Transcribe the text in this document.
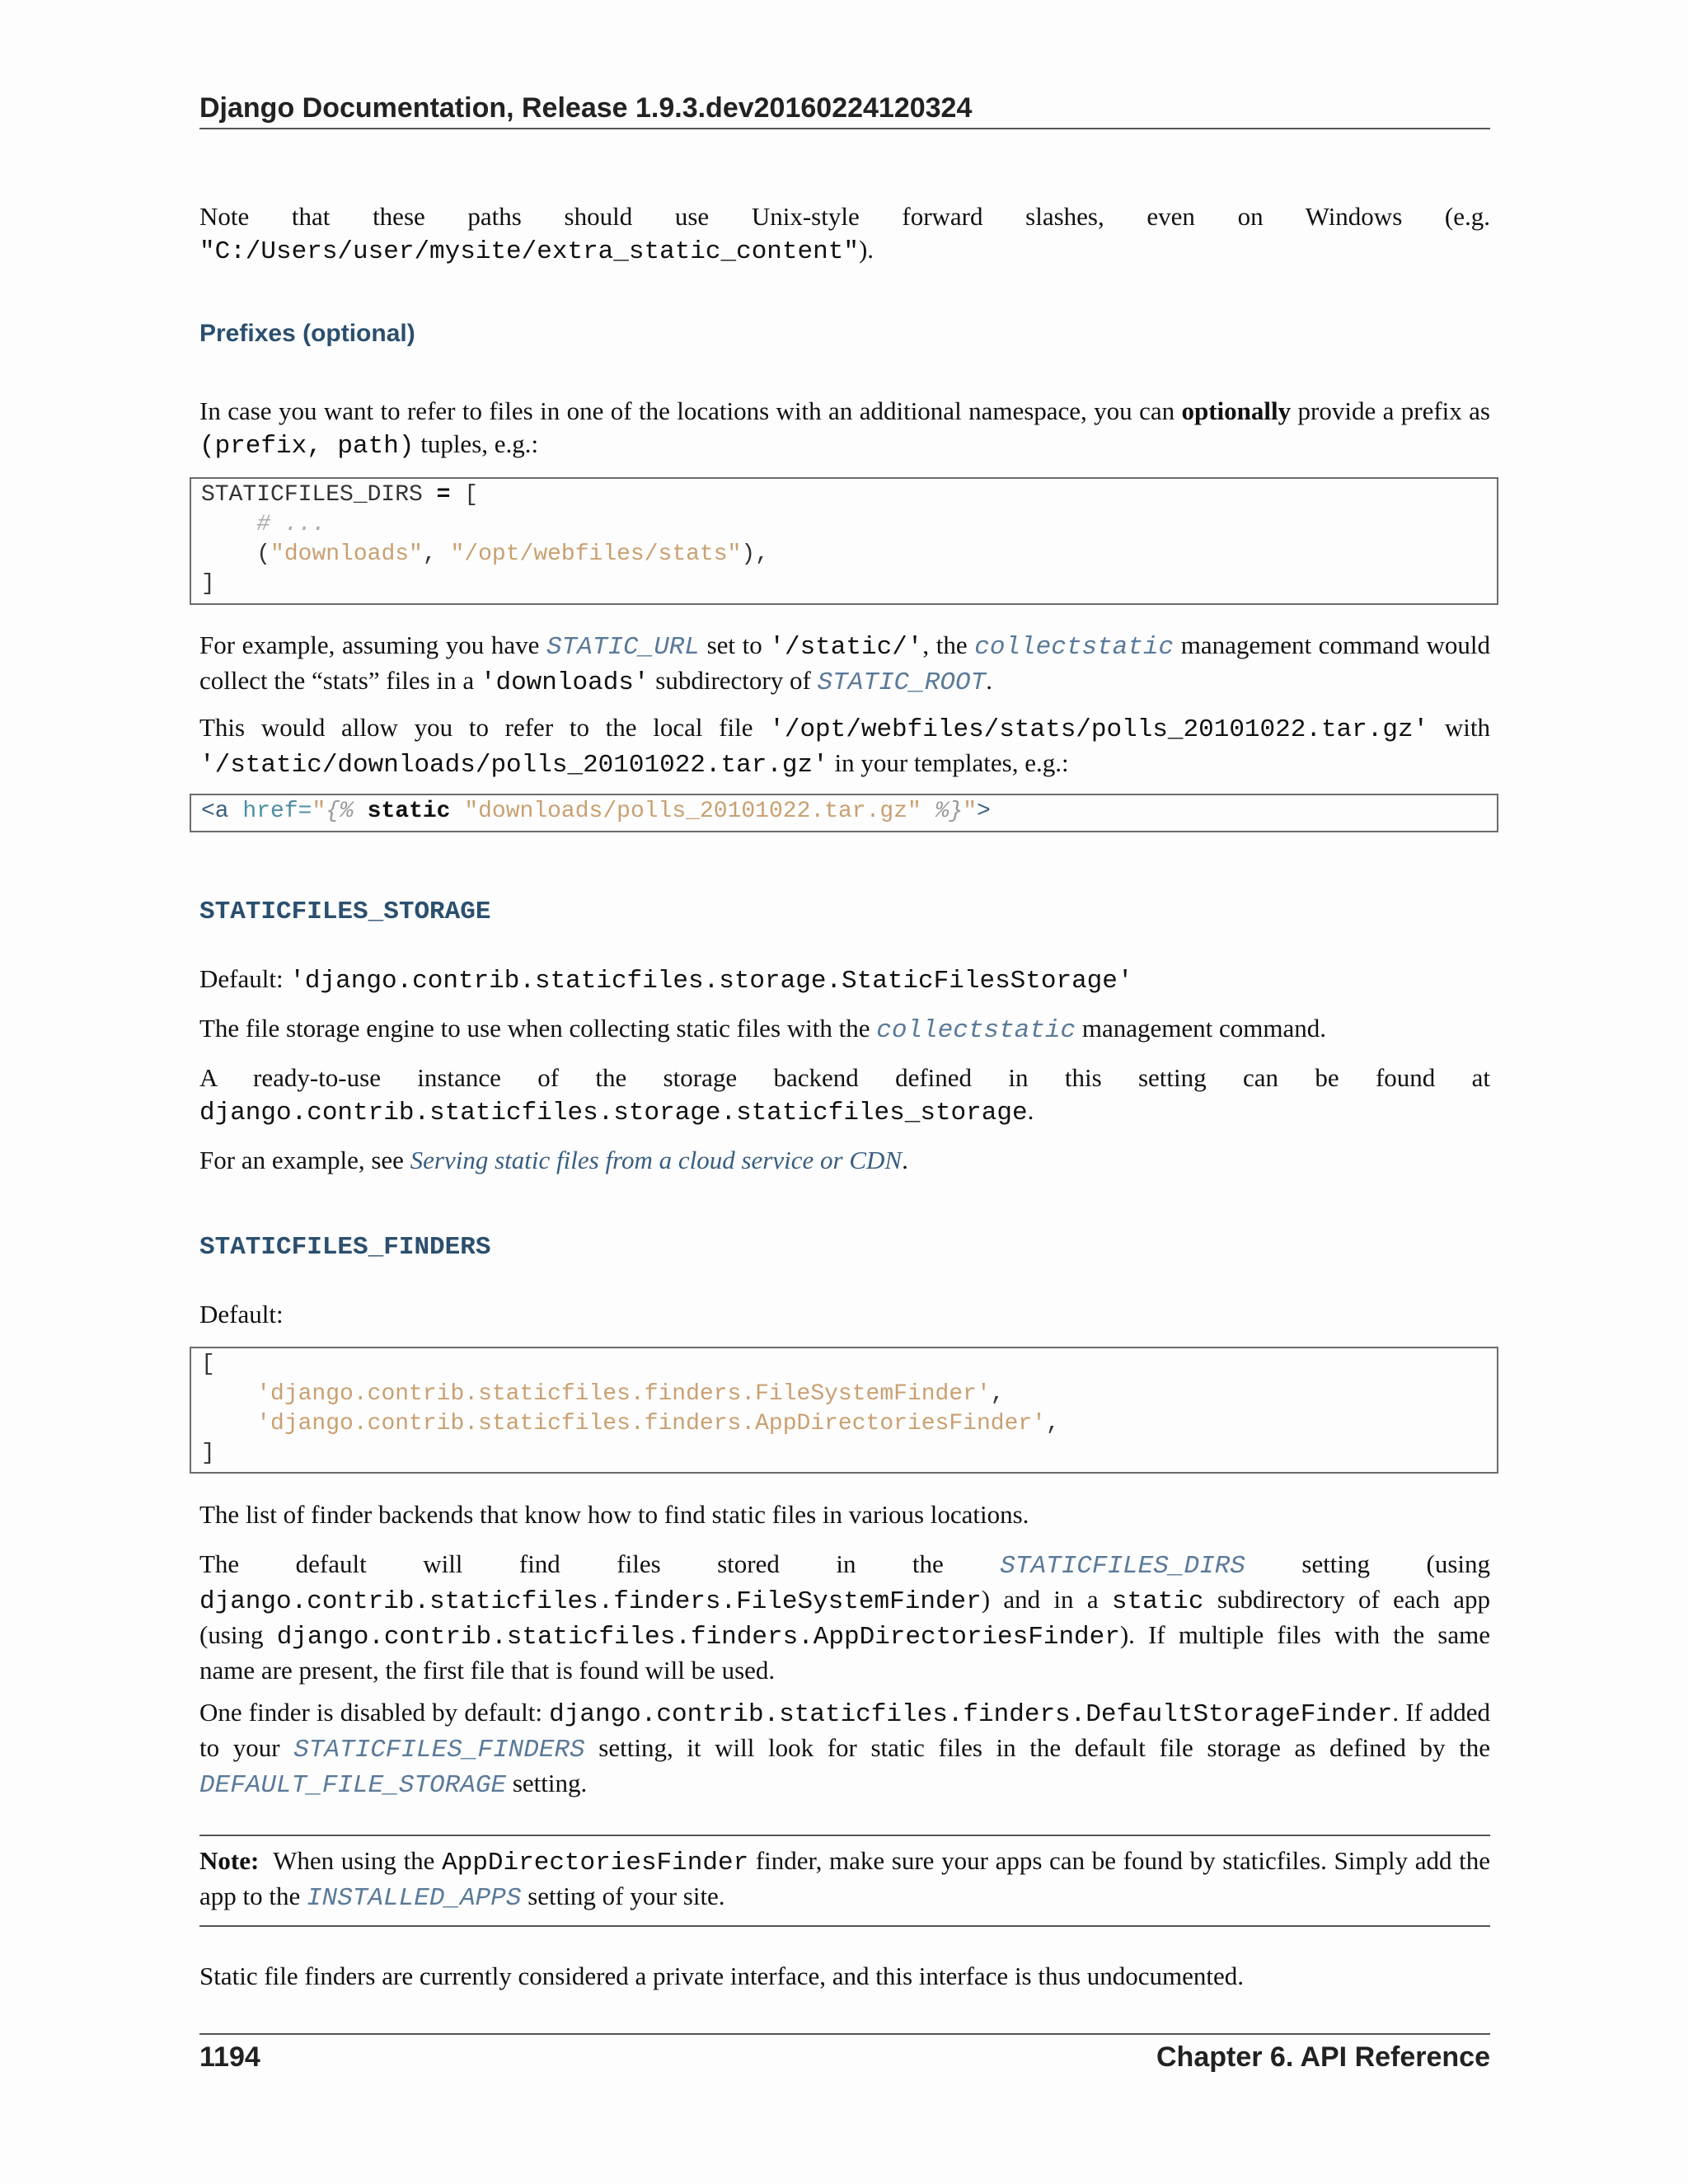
Django Documentation, Release 1.9.3.dev20160224120324

Note that these paths should use Unix-style forward slashes, even on Windows (e.g. "C:/Users/user/mysite/extra_static_content").

Prefixes (optional)

In case you want to refer to files in one of the locations with an additional namespace, you can optionally provide a prefix as (prefix, path) tuples, e.g.:

STATICFILES_DIRS = [
# ...
("downloads", "/opt/webfiles/stats"),
]

For example, assuming you have STATIC_URL set to '/static/', the collectstatic management command would collect the “stats” files in a 'downloads' subdirectory of STATIC_ROOT.

This would allow you to refer to the local file '/opt/webfiles/stats/polls_20101022.tar.gz' with '/static/downloads/polls_20101022.tar.gz' in your templates, e.g.:

<a href="{% static "downloads/polls_20101022.tar.gz" %}">
STATICFILES_STORAGE

Default: 'django.contrib.staticfiles.storage.StaticFilesStorage'

The file storage engine to use when collecting static files with the collectstatic management command.

A ready-to-use instance of the storage backend defined in this setting can be found at django.contrib.staticfiles.storage.staticfiles_storage.

For an example, see Serving static files from a cloud service or CDN.

STATICFILES_FINDERS

Default:

[
'django.contrib.staticfiles.finders.FileSystemFinder',
'django.contrib.staticfiles.finders.AppDirectoriesFinder',
]

The list of finder backends that know how to find static files in various locations.

The default will find files stored in the STATICFILES_DIRS setting (using django.contrib.staticfiles.finders.FileSystemFinder) and in a static subdirectory of each app (using django.contrib.staticfiles.finders.AppDirectoriesFinder). If multiple files with the same name are present, the first file that is found will be used.

One finder is disabled by default: django.contrib.staticfiles.finders.DefaultStorageFinder. If added to your STATICFILES_FINDERS setting, it will look for static files in the default file storage as defined by the DEFAULT_FILE_STORAGE setting.

Note: When using the AppDirectoriesFinder finder, make sure your apps can be found by staticfiles. Simply add the app to the INSTALLED_APPS setting of your site.

Static file finders are currently considered a private interface, and this interface is thus undocumented.

1194	Chapter 6. API Reference
